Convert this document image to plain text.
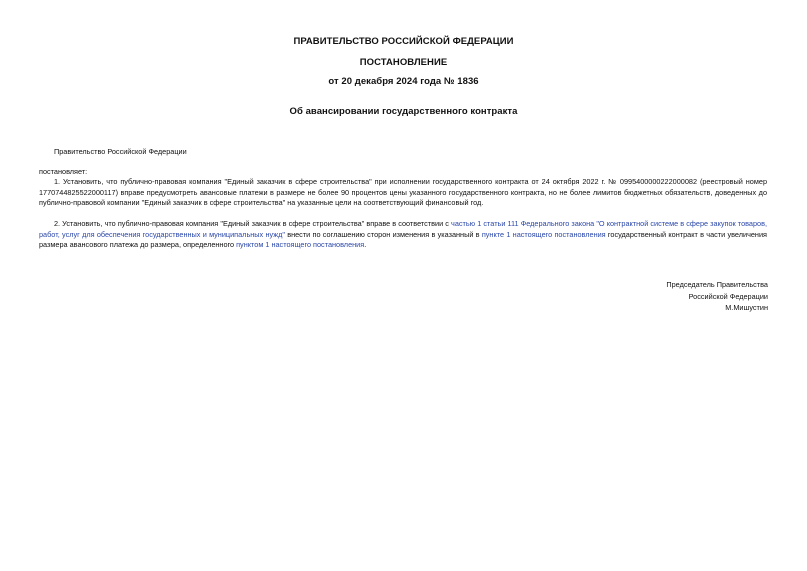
ПРАВИТЕЛЬСТВО РОССИЙСКОЙ ФЕДЕРАЦИИ
ПОСТАНОВЛЕНИЕ
от 20 декабря 2024 года № 1836
Об авансировании государственного контракта
Правительство Российской Федерации
постановляет:
1. Установить, что публично-правовая компания "Единый заказчик в сфере строительства" при исполнении государственного контракта от 24 октября 2022 г. № 0995400000222000082 (реестровый номер 1770744825522000117) вправе предусмотреть авансовые платежи в размере не более 90 процентов цены указанного государственного контракта, но не более лимитов бюджетных обязательств, доведенных до публично-правовой компании "Единый заказчик в сфере строительства" на указанные цели на соответствующий финансовый год.
2. Установить, что публично-правовая компания "Единый заказчик в сфере строительства" вправе в соответствии с частью 1 статьи 111 Федерального закона "О контрактной системе в сфере закупок товаров, работ, услуг для обеспечения государственных и муниципальных нужд" внести по соглашению сторон изменения в указанный в пункте 1 настоящего постановления государственный контракт в части увеличения размера авансового платежа до размера, определенного пунктом 1 настоящего постановления.
Председатель Правительства
Российской Федерации
М.Мишустин
